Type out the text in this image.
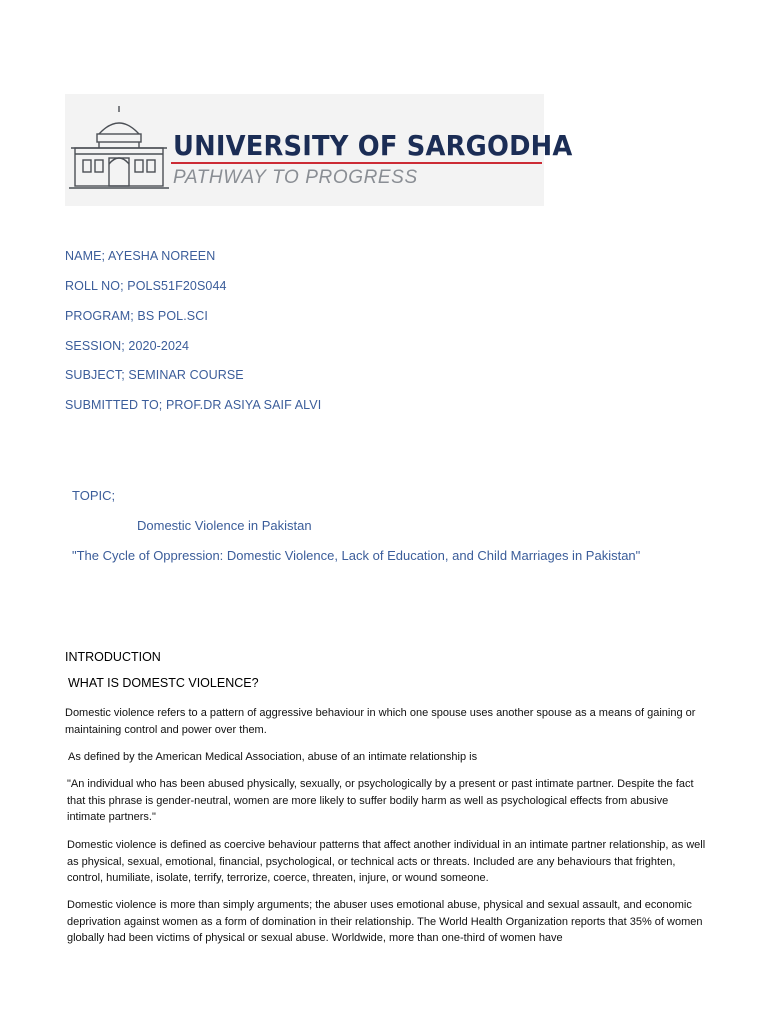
UNIVERSITY OF SARGODHA
PATHWAY TO PROGRESS
NAME; AYESHA NOREEN
ROLL NO; POLS51F20S044
PROGRAM; BS POL.SCI
SESSION; 2020-2024
SUBJECT; SEMINAR COURSE
SUBMITTED TO; PROF.DR ASIYA SAIF ALVI
TOPIC;
Domestic Violence in Pakistan
"The Cycle of Oppression: Domestic Violence, Lack of Education, and Child Marriages in Pakistan"
INTRODUCTION
WHAT IS DOMESTC VIOLENCE?
Domestic violence refers to a pattern of aggressive behaviour in which one spouse uses another spouse as a means of gaining or maintaining control and power over them.
As defined by the American Medical Association, abuse of an intimate relationship is
"An individual who has been abused physically, sexually, or psychologically by a present or past intimate partner. Despite the fact that this phrase is gender-neutral, women are more likely to suffer bodily harm as well as psychological effects from abusive intimate partners."
Domestic violence is defined as coercive behaviour patterns that affect another individual in an intimate partner relationship, as well as physical, sexual, emotional, financial, psychological, or technical acts or threats. Included are any behaviours that frighten, control, humiliate, isolate, terrify, terrorize, coerce, threaten, injure, or wound someone.
Domestic violence is more than simply arguments; the abuser uses emotional abuse, physical and sexual assault, and economic deprivation against women as a form of domination in their relationship. The World Health Organization reports that 35% of women globally had been victims of physical or sexual abuse. Worldwide, more than one-third of women have
